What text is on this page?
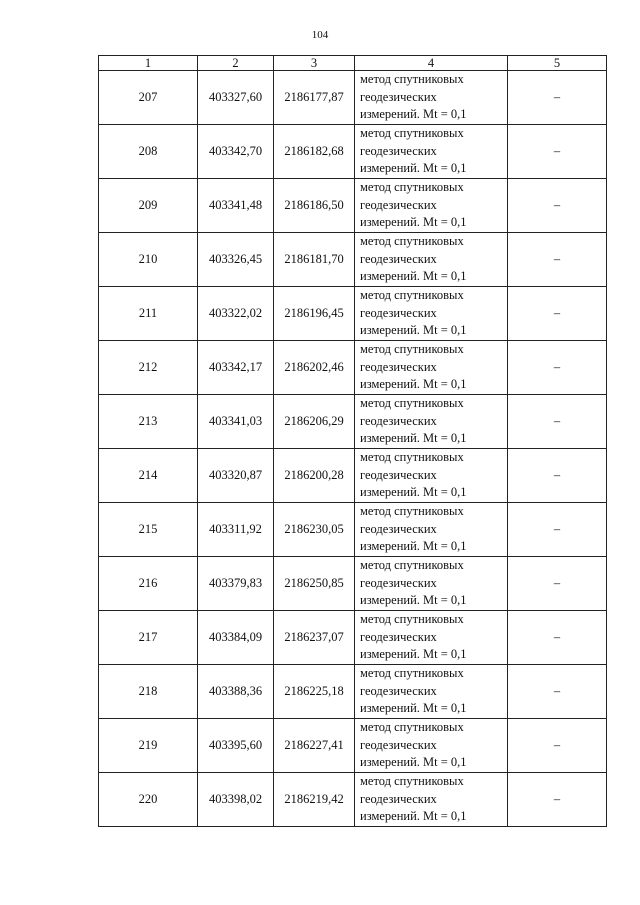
104
1	2	3	4	5
207	403327,60	2186177,87	метод спутниковых
геодезических
измерений. Mt = 0,1	–
208	403342,70	2186182,68	метод спутниковых
геодезических
измерений. Mt = 0,1	–
209	403341,48	2186186,50	метод спутниковых
геодезических
измерений. Mt = 0,1	–
210	403326,45	2186181,70	метод спутниковых
геодезических
измерений. Mt = 0,1	–
211	403322,02	2186196,45	метод спутниковых
геодезических
измерений. Mt = 0,1	–
212	403342,17	2186202,46	метод спутниковых
геодезических
измерений. Mt = 0,1	–
213	403341,03	2186206,29	метод спутниковых
геодезических
измерений. Mt = 0,1	–
214	403320,87	2186200,28	метод спутниковых
геодезических
измерений. Mt = 0,1	–
215	403311,92	2186230,05	метод спутниковых
геодезических
измерений. Mt = 0,1	–
216	403379,83	2186250,85	метод спутниковых
геодезических
измерений. Mt = 0,1	–
217	403384,09	2186237,07	метод спутниковых
геодезических
измерений. Mt = 0,1	–
218	403388,36	2186225,18	метод спутниковых
геодезических
измерений. Mt = 0,1	–
219	403395,60	2186227,41	метод спутниковых
геодезических
измерений. Mt = 0,1	–
220	403398,02	2186219,42	метод спутниковых
геодезических
измерений. Mt = 0,1	–
